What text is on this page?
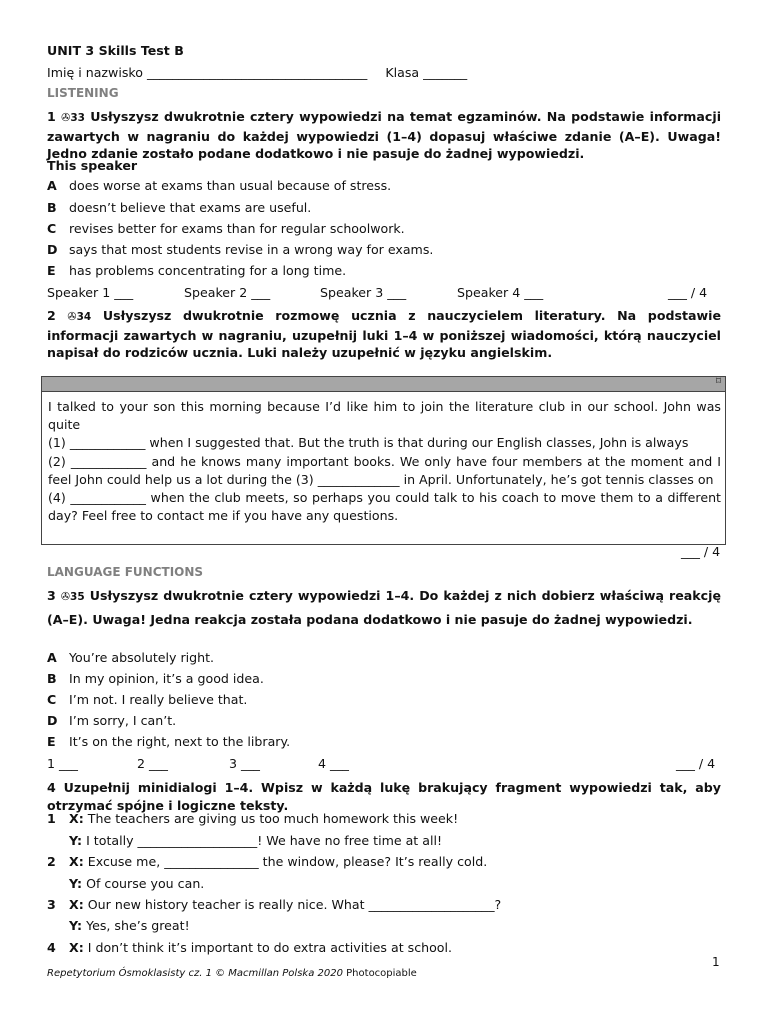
UNIT 3 Skills Test B
Imię i nazwisko ___________________________________ Klasa _______
LISTENING
1 ✇33 Usłyszysz dwukrotnie cztery wypowiedzi na temat egzaminów. Na podstawie informacji zawartych w nagraniu do każdej wypowiedzi (1–4) dopasuj właściwe zdanie (A–E). Uwaga! Jedno zdanie zostało podane dodatkowo i nie pasuje do żadnej wypowiedzi.
This speaker
A does worse at exams than usual because of stress.
B doesn’t believe that exams are useful.
C revises better for exams than for regular schoolwork.
D says that most students revise in a wrong way for exams.
E has problems concentrating for a long time.
Speaker 1 ___	Speaker 2 ___	Speaker 3 ___	Speaker 4 ___	___ / 4
2 ✇34 Usłyszysz dwukrotnie rozmowę ucznia z nauczycielem literatury. Na podstawie informacji zawartych w nagraniu, uzupełnij luki 1–4 w poniższej wiadomości, którą nauczyciel napisał do rodziców ucznia. Luki należy uzupełnić w języku angielskim.
⌑
I talked to your son this morning because I’d like him to join the literature club in our school. John was quite
(1) ____________ when I suggested that. But the truth is that during our English classes, John is always
(2) ____________ and he knows many important books. We only have four members at the moment and I feel John could help us a lot during the (3) _____________ in April. Unfortunately, he’s got tennis classes on
(4) ____________ when the club meets, so perhaps you could talk to his coach to move them to a different day? Feel free to contact me if you have any questions.
___ / 4
LANGUAGE FUNCTIONS
3 ✇35 Usłyszysz dwukrotnie cztery wypowiedzi 1–4. Do każdej z nich dobierz właściwą reakcję (A–E). Uwaga! Jedna reakcja została podana dodatkowo i nie pasuje do żadnej wypowiedzi.
A You’re absolutely right.
B In my opinion, it’s a good idea.
C I’m not. I really believe that.
D I’m sorry, I can’t.
E It’s on the right, next to the library.
1 ___	2 ___	3 ___	4 ___	___ / 4
4 Uzupełnij minidialogi 1–4. Wpisz w każdą lukę brakujący fragment wypowiedzi tak, aby otrzymać spójne i logiczne teksty.
1 X: The teachers are giving us too much homework this week!
Y: I totally ___________________! We have no free time at all!
2 X: Excuse me, _______________ the window, please? It’s really cold.
Y: Of course you can.
3 X: Our new history teacher is really nice. What ____________________?
Y: Yes, she’s great!
4 X: I don’t think it’s important to do extra activities at school.
1
Repetytorium Ósmoklasisty cz. 1 © Macmillan Polska 2020 Photocopiable
